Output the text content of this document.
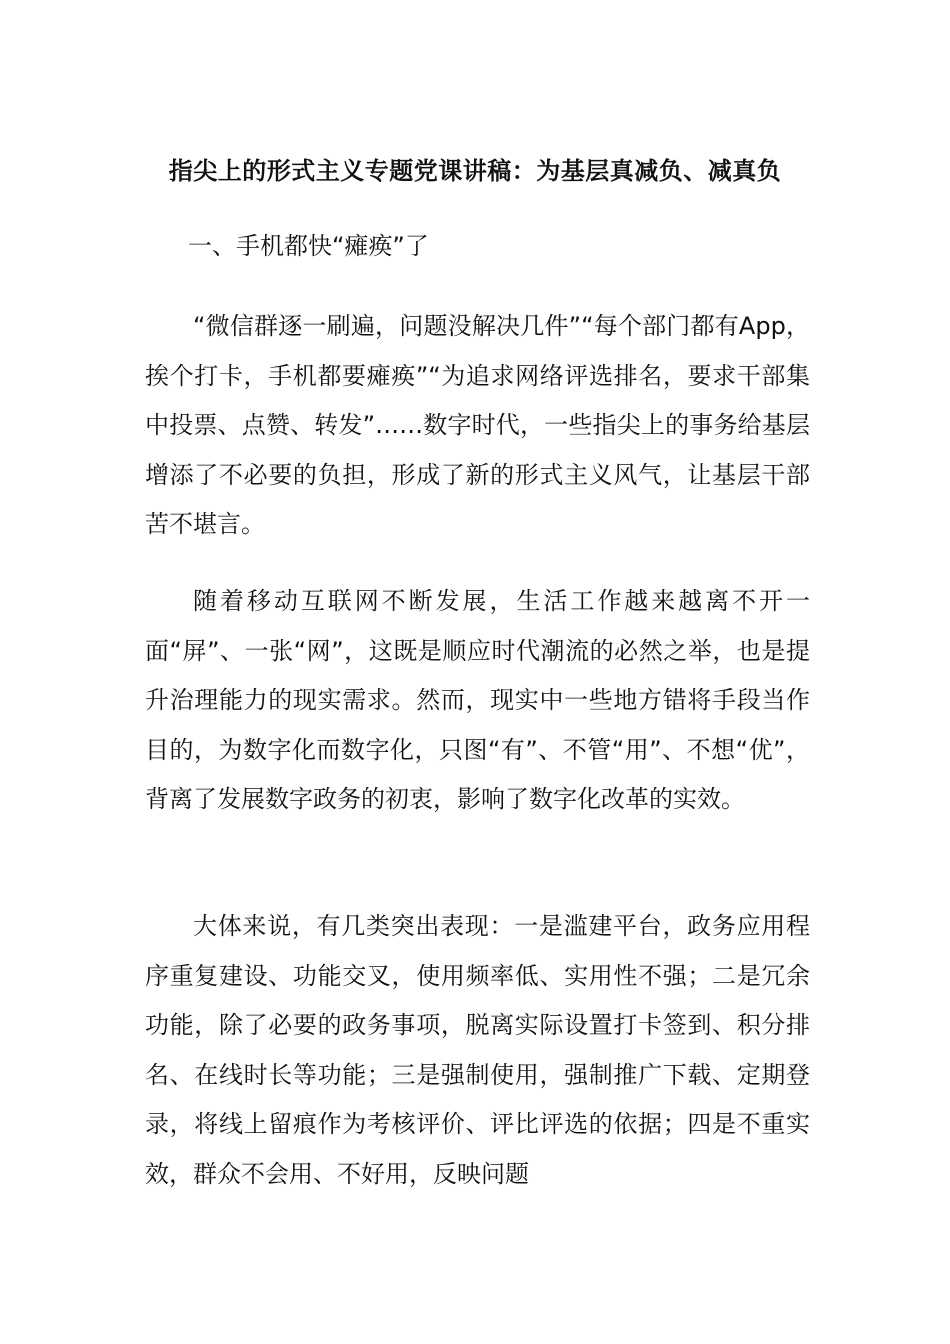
指尖上的形式主义专题党课讲稿：为基层真减负、减真负
一、手机都快“瘫痪”了

“微信群逐一刷遍，问题没解决几件”“每个部门都有App，挨个打卡，手机都要瘫痪”“为追求网络评选排名，要求干部集中投票、点赞、转发”……数字时代，一些指尖上的事务给基层增添了不必要的负担，形成了新的形式主义风气，让基层干部苦不堪言。

随着移动互联网不断发展，生活工作越来越离不开一面“屏”、一张“网”，这既是顺应时代潮流的必然之举，也是提升治理能力的现实需求。然而，现实中一些地方错将手段当作目的，为数字化而数字化，只图“有”、不管“用”、不想“优”，背离了发展数字政务的初衷，影响了数字化改革的实效。

大体来说，有几类突出表现：一是滥建平台，政务应用程序重复建设、功能交叉，使用频率低、实用性不强；二是冗余功能，除了必要的政务事项，脱离实际设置打卡签到、积分排名、在线时长等功能；三是强制使用，强制推广下载、定期登录，将线上留痕作为考核评价、评比评选的依据；四是不重实效，群众不会用、不好用，反映问题
